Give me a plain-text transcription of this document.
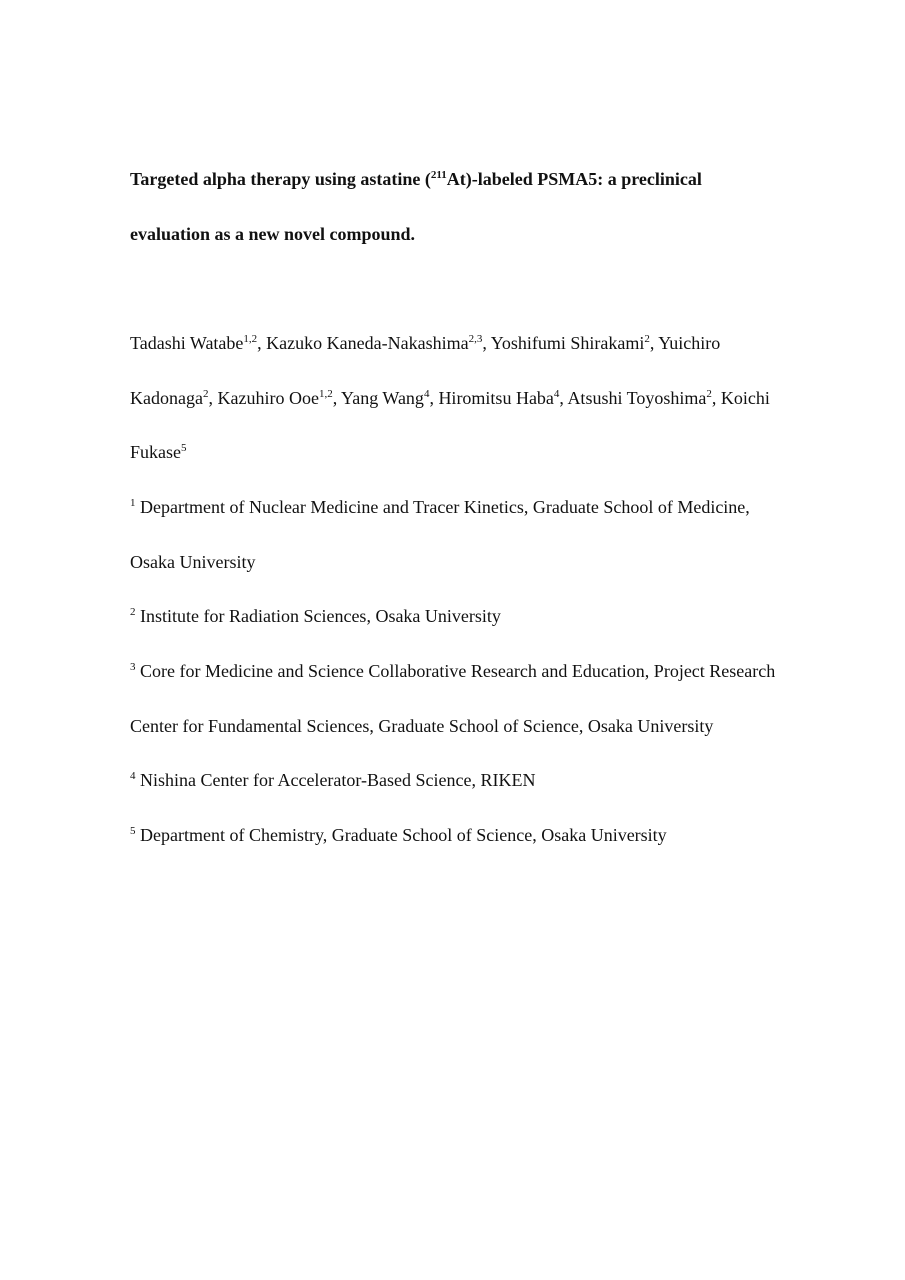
Targeted alpha therapy using astatine ($^{211}$At)-labeled PSMA5: a preclinical
evaluation as a new novel compound.
Tadashi Watabe$^{1,2}$, Kazuko Kaneda-Nakashima$^{2,3}$, Yoshifumi Shirakami$^2$, Yuichiro
Kadonaga$^2$, Kazuhiro Ooe$^{1,2}$, Yang Wang$^4$, Hiromitsu Haba$^4$, Atsushi Toyoshima$^2$, Koichi
Fukase$^5$
$^1$ Department of Nuclear Medicine and Tracer Kinetics, Graduate School of Medicine,
Osaka University
$^2$ Institute for Radiation Sciences, Osaka University
$^3$ Core for Medicine and Science Collaborative Research and Education, Project Research
Center for Fundamental Sciences, Graduate School of Science, Osaka University
$^4$ Nishina Center for Accelerator-Based Science, RIKEN
$^5$ Department of Chemistry, Graduate School of Science, Osaka University
